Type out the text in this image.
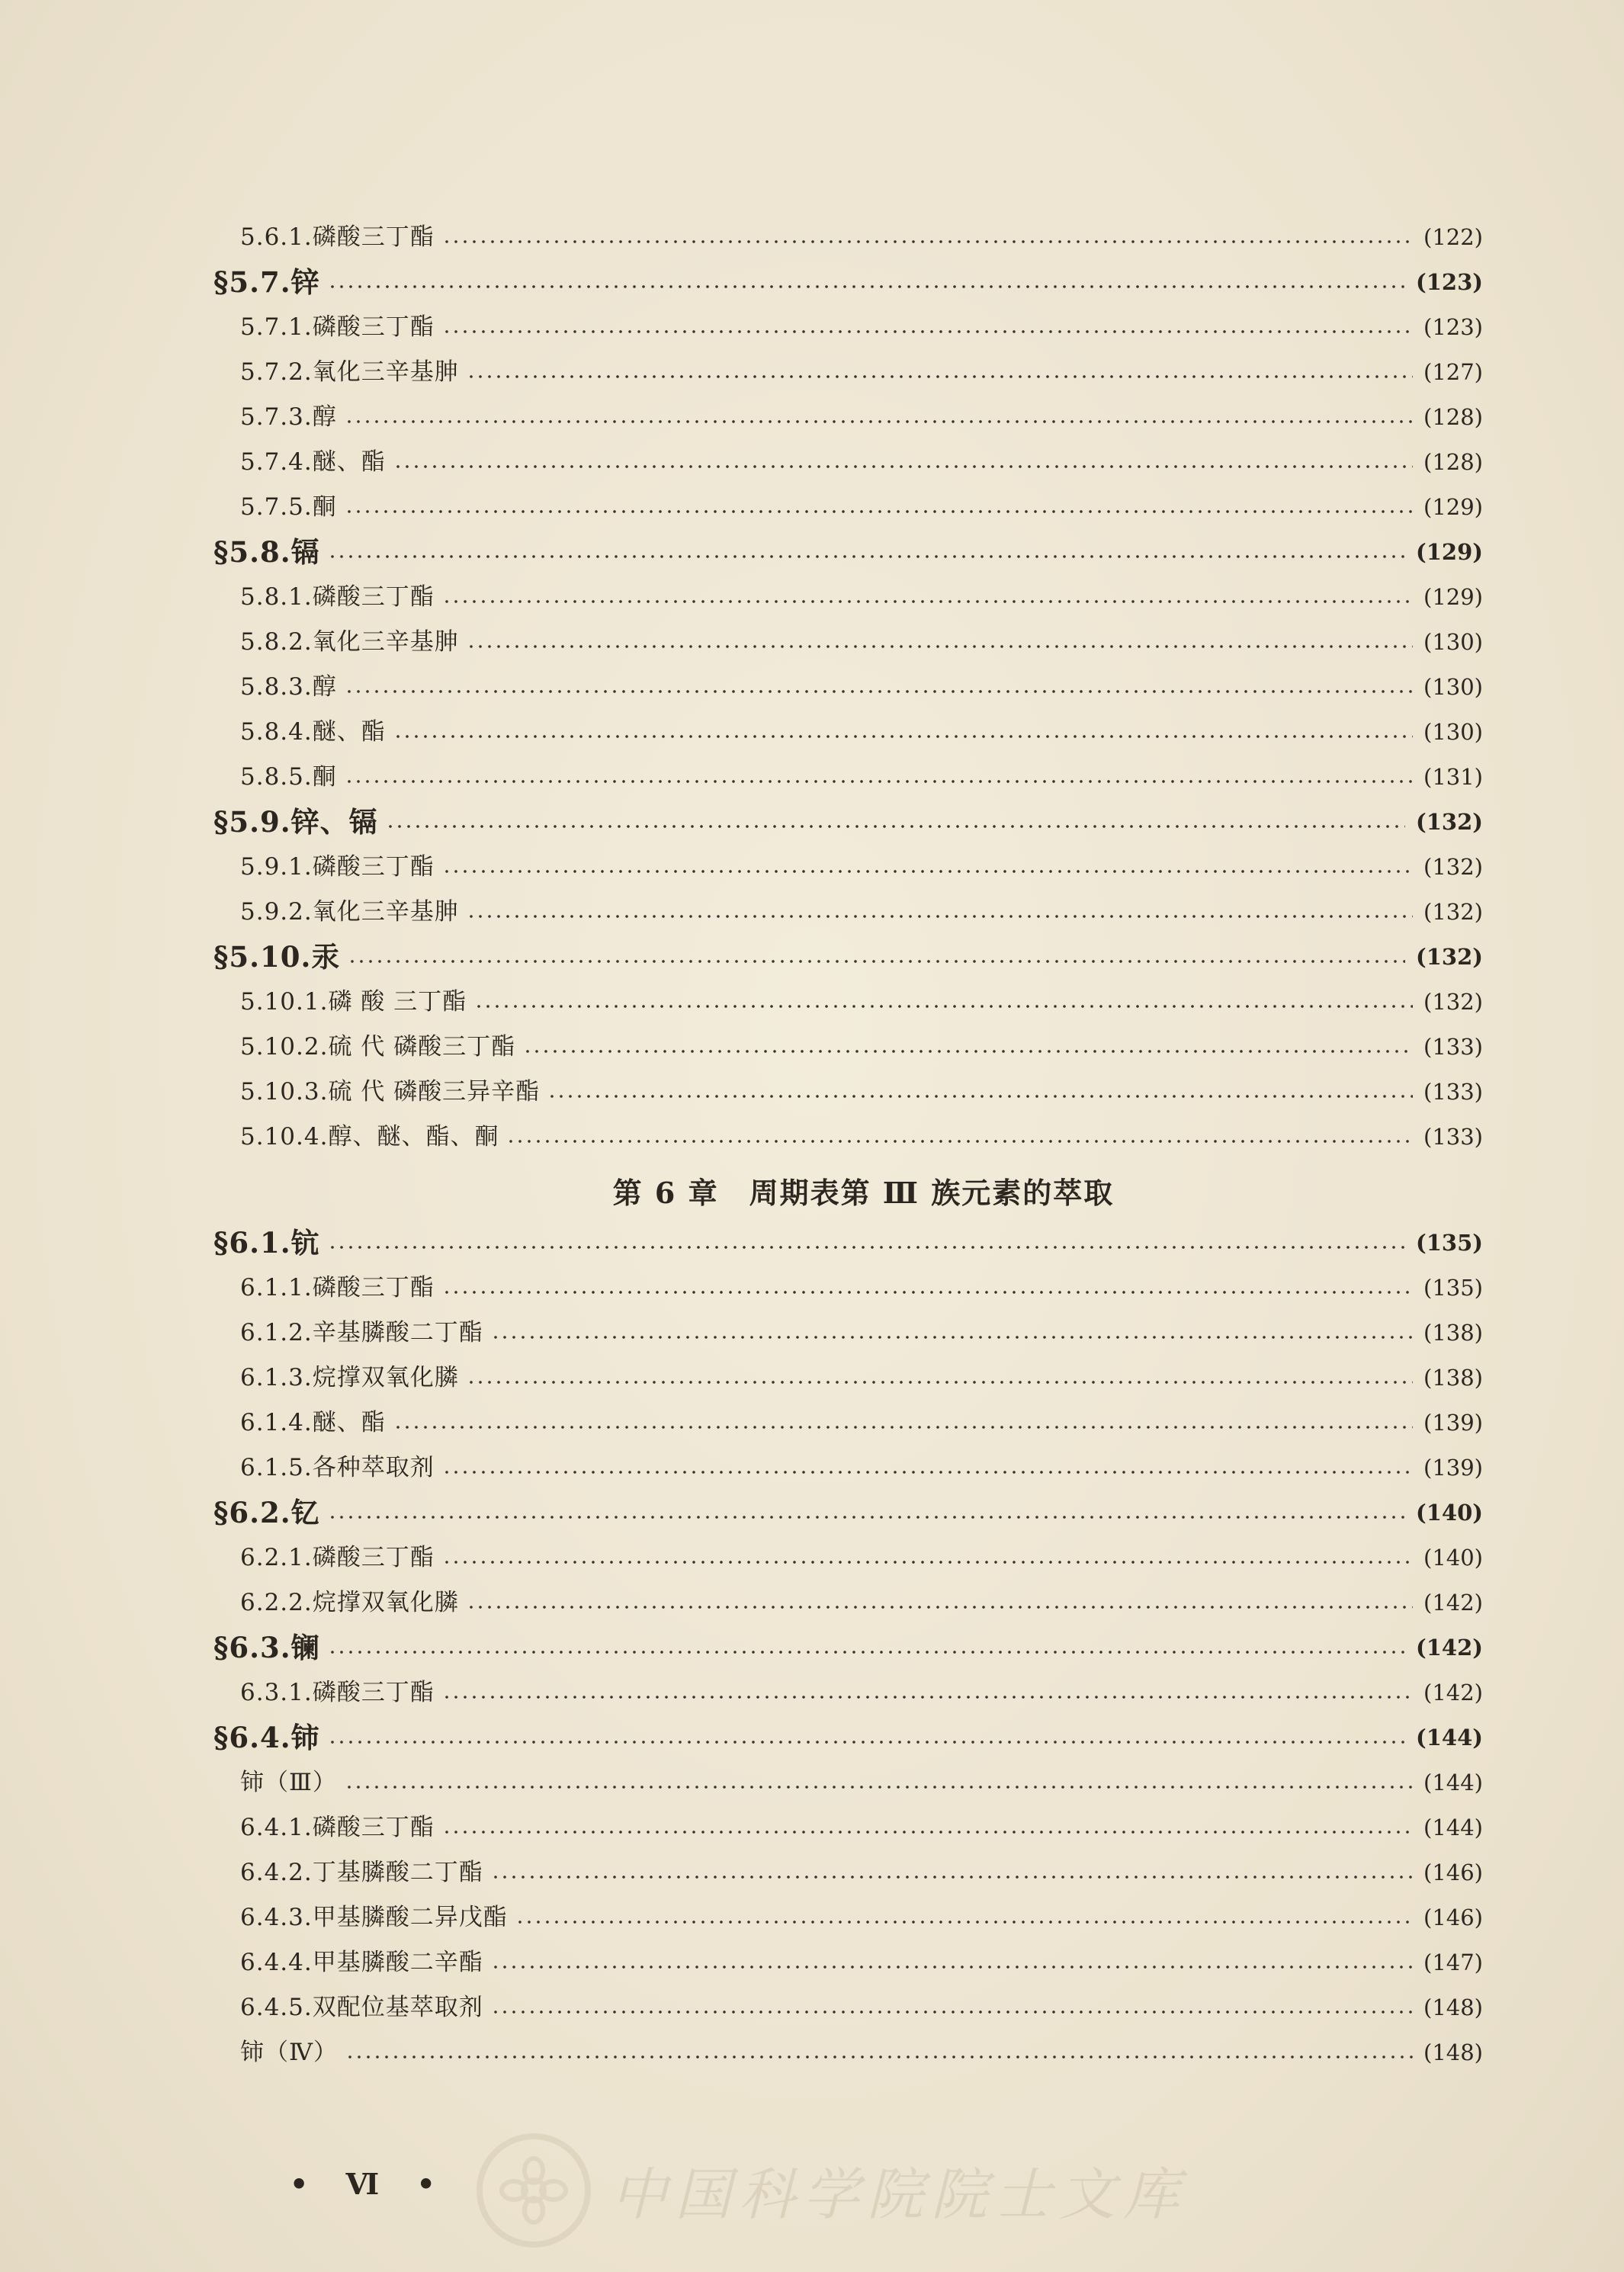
5.6.1.磷酸三丁酯	(122)
§5.7.锌	(123)
5.7.1.磷酸三丁酯	(123)
5.7.2.氧化三辛基胂	(127)
5.7.3.醇	(128)
5.7.4.醚、酯	(128)
5.7.5.酮	(129)
§5.8.镉	(129)
5.8.1.磷酸三丁酯	(129)
5.8.2.氧化三辛基胂	(130)
5.8.3.醇	(130)
5.8.4.醚、酯	(130)
5.8.5.酮	(131)
§5.9.锌、镉	(132)
5.9.1.磷酸三丁酯	(132)
5.9.2.氧化三辛基胂	(132)
§5.10.汞	(132)
5.10.1.磷 酸 三丁酯	(132)
5.10.2.硫 代 磷酸三丁酯	(133)
5.10.3.硫 代 磷酸三异辛酯	(133)
5.10.4.醇、醚、酯、酮	(133)
第 6 章　周期表第 Ⅲ 族元素的萃取
§6.1.钪	(135)
6.1.1.磷酸三丁酯	(135)
6.1.2.辛基膦酸二丁酯	(138)
6.1.3.烷撑双氧化膦	(138)
6.1.4.醚、酯	(139)
6.1.5.各种萃取剂	(139)
§6.2.钇	(140)
6.2.1.磷酸三丁酯	(140)
6.2.2.烷撑双氧化膦	(142)
§6.3.镧	(142)
6.3.1.磷酸三丁酯	(142)
§6.4.铈	(144)
铈（Ⅲ）	(144)
6.4.1.磷酸三丁酯	(144)
6.4.2.丁基膦酸二丁酯	(146)
6.4.3.甲基膦酸二异戊酯	(146)
6.4.4.甲基膦酸二辛酯	(147)
6.4.5.双配位基萃取剂	(148)
铈（Ⅳ）	(148)
• Ⅵ •	中国科学院院士文库
